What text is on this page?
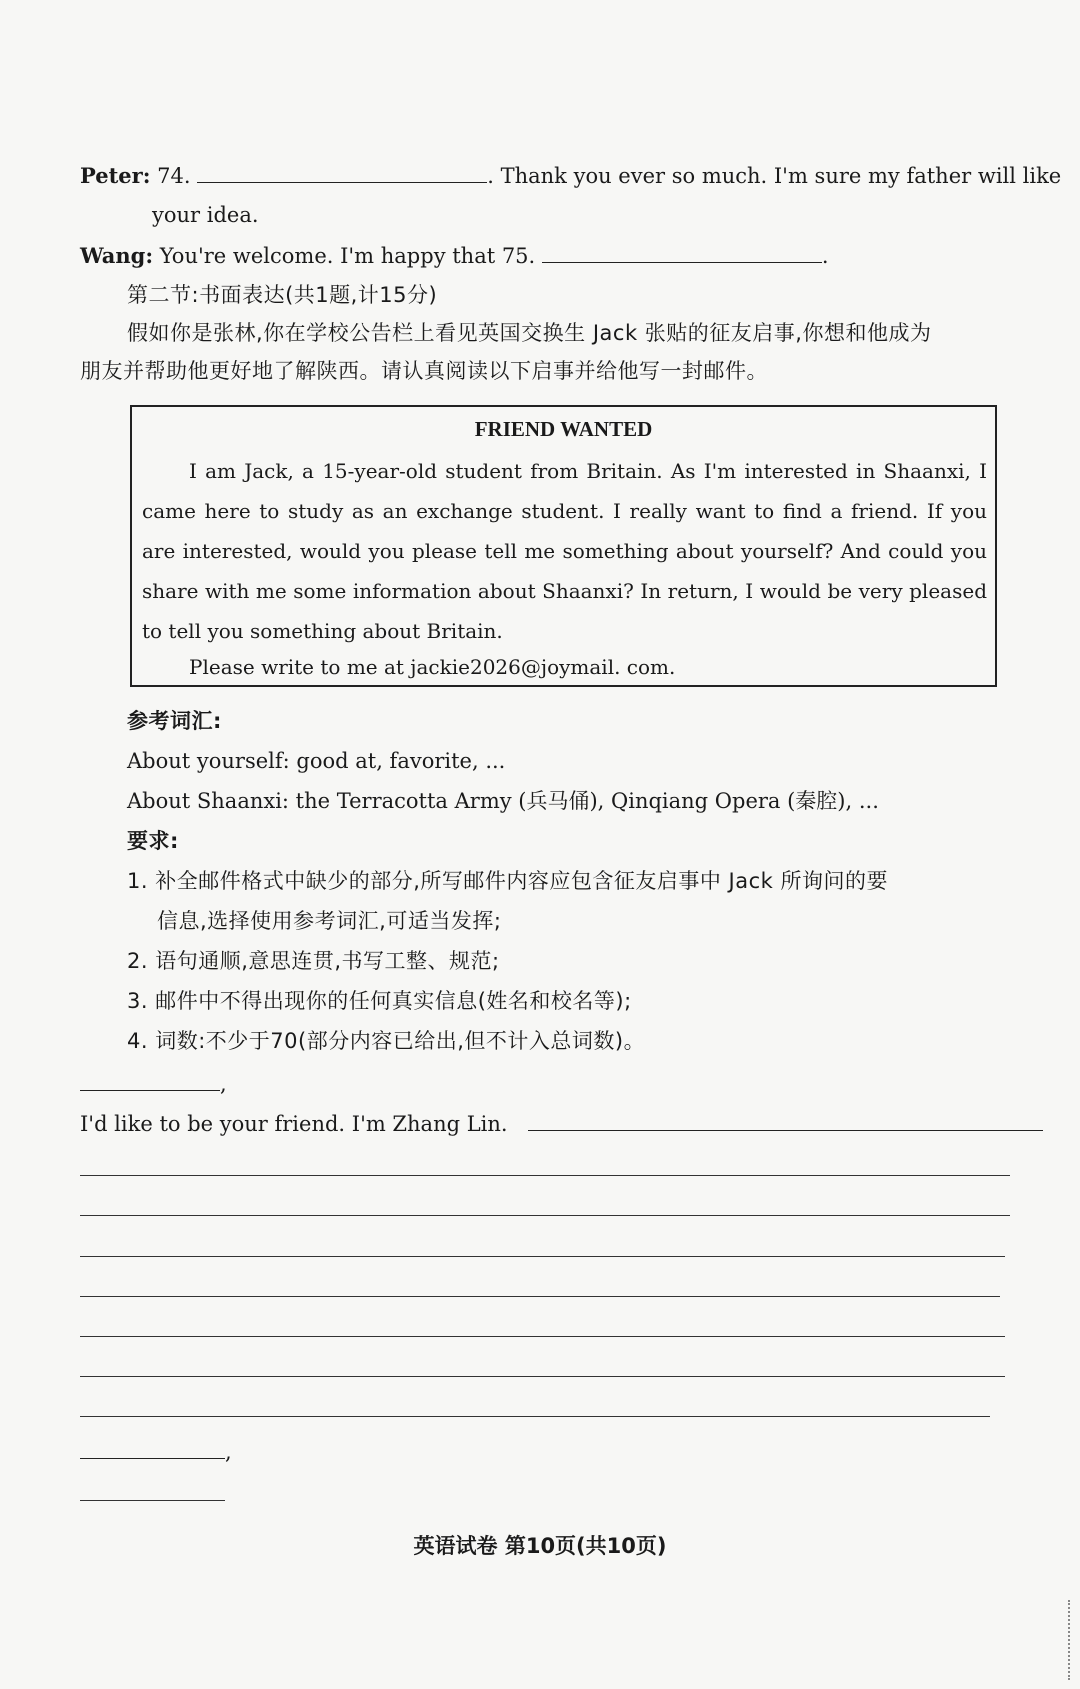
Peter: 74.	. Thank you ever so much. I'm sure my father will like
your idea.
Wang: You're welcome. I'm happy that 75.	.
第二节:书面表达(共1题,计15分)
假如你是张林,你在学校公告栏上看见英国交换生 Jack 张贴的征友启事,你想和他成为
朋友并帮助他更好地了解陕西。请认真阅读以下启事并给他写一封邮件。
FRIEND WANTED
I am Jack, a 15-year-old student from Britain. As I'm interested in Shaanxi, I came here to study as an exchange student. I really want to find a friend. If you are interested, would you please tell me something about yourself? And could you share with me some information about Shaanxi? In return, I would be very pleased to tell you something about Britain.
Please write to me at jackie2026@joymail. com.
参考词汇:
About yourself: good at, favorite, ...
About Shaanxi: the Terracotta Army (兵马俑), Qinqiang Opera (秦腔), ...
要求:
1. 补全邮件格式中缺少的部分,所写邮件内容应包含征友启事中 Jack 所询问的要
信息,选择使用参考词汇,可适当发挥;
2. 语句通顺,意思连贯,书写工整、规范;
3. 邮件中不得出现你的任何真实信息(姓名和校名等);
4. 词数:不少于70(部分内容已给出,但不计入总词数)。
,
I'd like to be your friend. I'm Zhang Lin.
,
英语试卷 第10页(共10页)
